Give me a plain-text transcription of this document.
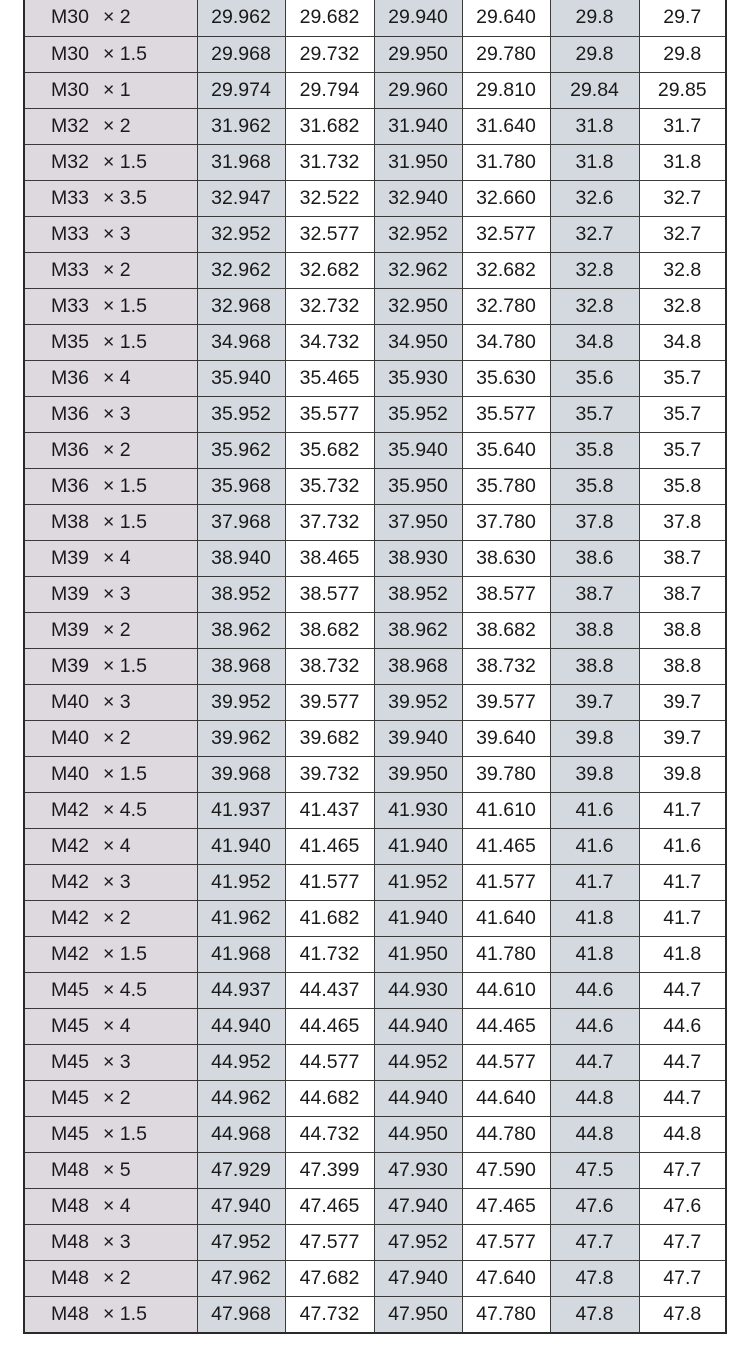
M30 × 2	29.962	29.682	29.940	29.640	29.8	29.7
M30 × 1.5	29.968	29.732	29.950	29.780	29.8	29.8
M30 × 1	29.974	29.794	29.960	29.810	29.84	29.85
M32 × 2	31.962	31.682	31.940	31.640	31.8	31.7
M32 × 1.5	31.968	31.732	31.950	31.780	31.8	31.8
M33 × 3.5	32.947	32.522	32.940	32.660	32.6	32.7
M33 × 3	32.952	32.577	32.952	32.577	32.7	32.7
M33 × 2	32.962	32.682	32.962	32.682	32.8	32.8
M33 × 1.5	32.968	32.732	32.950	32.780	32.8	32.8
M35 × 1.5	34.968	34.732	34.950	34.780	34.8	34.8
M36 × 4	35.940	35.465	35.930	35.630	35.6	35.7
M36 × 3	35.952	35.577	35.952	35.577	35.7	35.7
M36 × 2	35.962	35.682	35.940	35.640	35.8	35.7
M36 × 1.5	35.968	35.732	35.950	35.780	35.8	35.8
M38 × 1.5	37.968	37.732	37.950	37.780	37.8	37.8
M39 × 4	38.940	38.465	38.930	38.630	38.6	38.7
M39 × 3	38.952	38.577	38.952	38.577	38.7	38.7
M39 × 2	38.962	38.682	38.962	38.682	38.8	38.8
M39 × 1.5	38.968	38.732	38.968	38.732	38.8	38.8
M40 × 3	39.952	39.577	39.952	39.577	39.7	39.7
M40 × 2	39.962	39.682	39.940	39.640	39.8	39.7
M40 × 1.5	39.968	39.732	39.950	39.780	39.8	39.8
M42 × 4.5	41.937	41.437	41.930	41.610	41.6	41.7
M42 × 4	41.940	41.465	41.940	41.465	41.6	41.6
M42 × 3	41.952	41.577	41.952	41.577	41.7	41.7
M42 × 2	41.962	41.682	41.940	41.640	41.8	41.7
M42 × 1.5	41.968	41.732	41.950	41.780	41.8	41.8
M45 × 4.5	44.937	44.437	44.930	44.610	44.6	44.7
M45 × 4	44.940	44.465	44.940	44.465	44.6	44.6
M45 × 3	44.952	44.577	44.952	44.577	44.7	44.7
M45 × 2	44.962	44.682	44.940	44.640	44.8	44.7
M45 × 1.5	44.968	44.732	44.950	44.780	44.8	44.8
M48 × 5	47.929	47.399	47.930	47.590	47.5	47.7
M48 × 4	47.940	47.465	47.940	47.465	47.6	47.6
M48 × 3	47.952	47.577	47.952	47.577	47.7	47.7
M48 × 2	47.962	47.682	47.940	47.640	47.8	47.7
M48 × 1.5	47.968	47.732	47.950	47.780	47.8	47.8
